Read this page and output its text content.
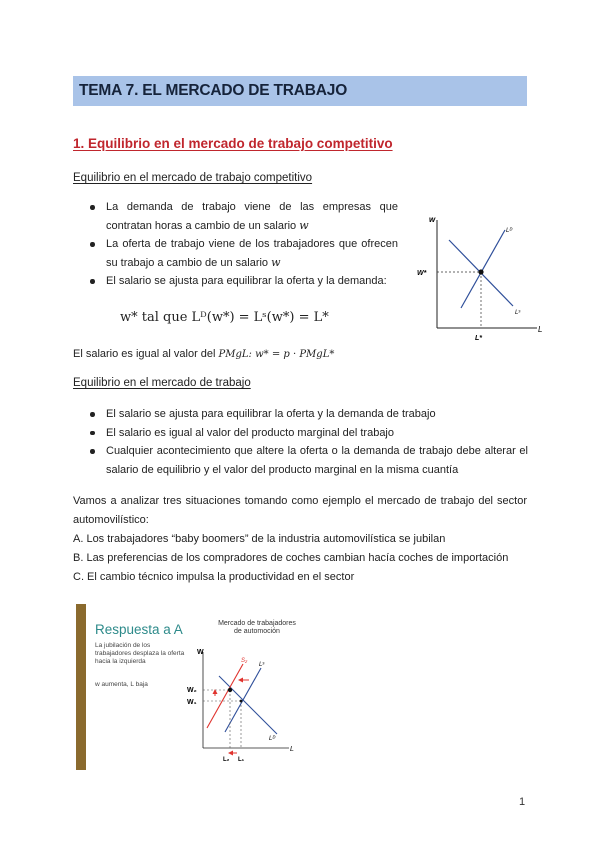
TEMA 7. EL MERCADO DE TRABAJO
1. Equilibrio en el mercado de trabajo competitivo
Equilibrio en el mercado de trabajo competitivo
La demanda de trabajo viene de las empresas que contratan horas a cambio de un salario w
La oferta de trabajo viene de los trabajadores que ofrecen su trabajo a cambio de un salario w
El salario se ajusta para equilibrar la oferta y la demanda:
w* tal que Lᴰ(w*) = Lˢ(w*) = L*
El salario es igual al valor del PMgL: w* = p · PMgL*
w
L
Lᴰ
Lˢ
W*
L*
Equilibrio en el mercado de trabajo
El salario se ajusta para equilibrar la oferta y la demanda de trabajo
El salario es igual al valor del producto marginal del trabajo
Cualquier acontecimiento que altere la oferta o la demanda de trabajo debe alterar el salario de equilibrio y el valor del producto marginal en la misma cuantía
Vamos a analizar tres situaciones tomando como ejemplo el mercado de trabajo del sector automovilístico:
A. Los trabajadores “baby boomers” de la industria automovilística se jubilan
B. Las preferencias de los compradores de coches cambian hacía coches de importación
C. El cambio técnico impulsa la productividad en el sector
Respuesta a A
La jubilación de los trabajadores desplaza la oferta hacia la izquierda
w aumenta, L baja
Mercado de trabajadores de automoción
W
L
W₂
W₁
L₂ L₁
S₂
Lˢ
Lᴰ
1
